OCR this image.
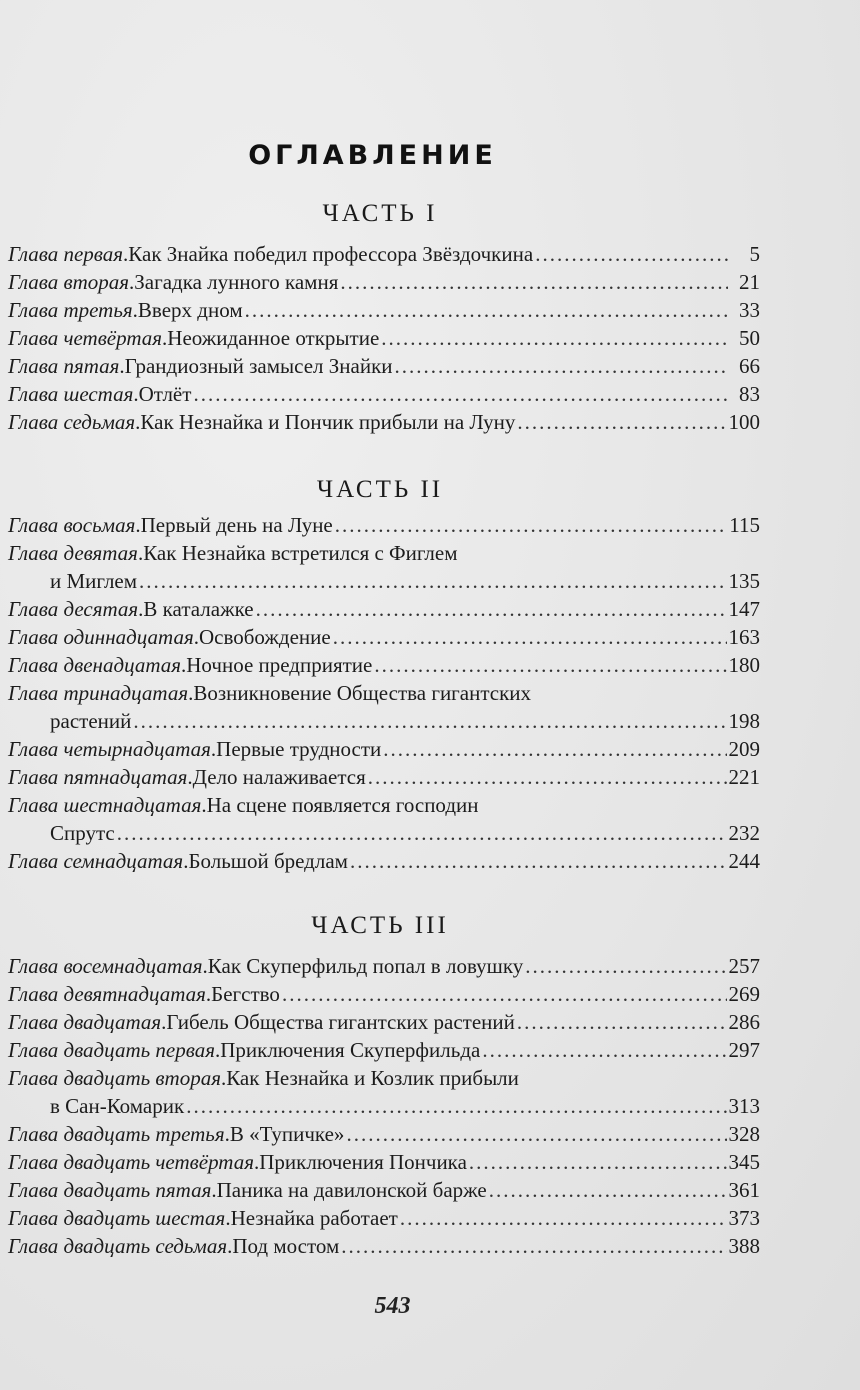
ОГЛАВЛЕНИЕ
ЧАСТЬ I
Глава первая . Как Знайка победил профессора Звёздочкина .....	5
Глава вторая . Загадка лунного камня .....	21
Глава третья . Вверх дном .....	33
Глава четвёртая . Неожиданное открытие .....	50
Глава пятая . Грандиозный замысел Знайки .....	66
Глава шестая . Отлёт .....	83
Глава седьмая . Как Незнайка и Пончик прибыли на Луну .....	100
ЧАСТЬ II
Глава восьмая . Первый день на Луне .....	115
Глава девятая . Как Незнайка встретился с Фиглем
и Миглем .....	135
Глава десятая . В каталажке .....	147
Глава одиннадцатая . Освобождение .....	163
Глава двенадцатая . Ночное предприятие .....	180
Глава тринадцатая . Возникновение Общества гигантских
растений .....	198
Глава четырнадцатая . Первые трудности .....	209
Глава пятнадцатая . Дело налаживается .....	221
Глава шестнадцатая . На сцене появляется господин
Спрутс .....	232
Глава семнадцатая . Большой бредлам .....	244
ЧАСТЬ III
Глава восемнадцатая . Как Скуперфильд попал в ловушку .....	257
Глава девятнадцатая . Бегство .....	269
Глава двадцатая . Гибель Общества гигантских растений .....	286
Глава двадцать первая . Приключения Скуперфильда .....	297
Глава двадцать вторая . Как Незнайка и Козлик прибыли
в Сан-Комарик .....	313
Глава двадцать третья . В «Тупичке» .....	328
Глава двадцать четвёртая . Приключения Пончика .....	345
Глава двадцать пятая . Паника на давилонской барже .....	361
Глава двадцать шестая . Незнайка работает .....	373
Глава двадцать седьмая . Под мостом .....	388
543
